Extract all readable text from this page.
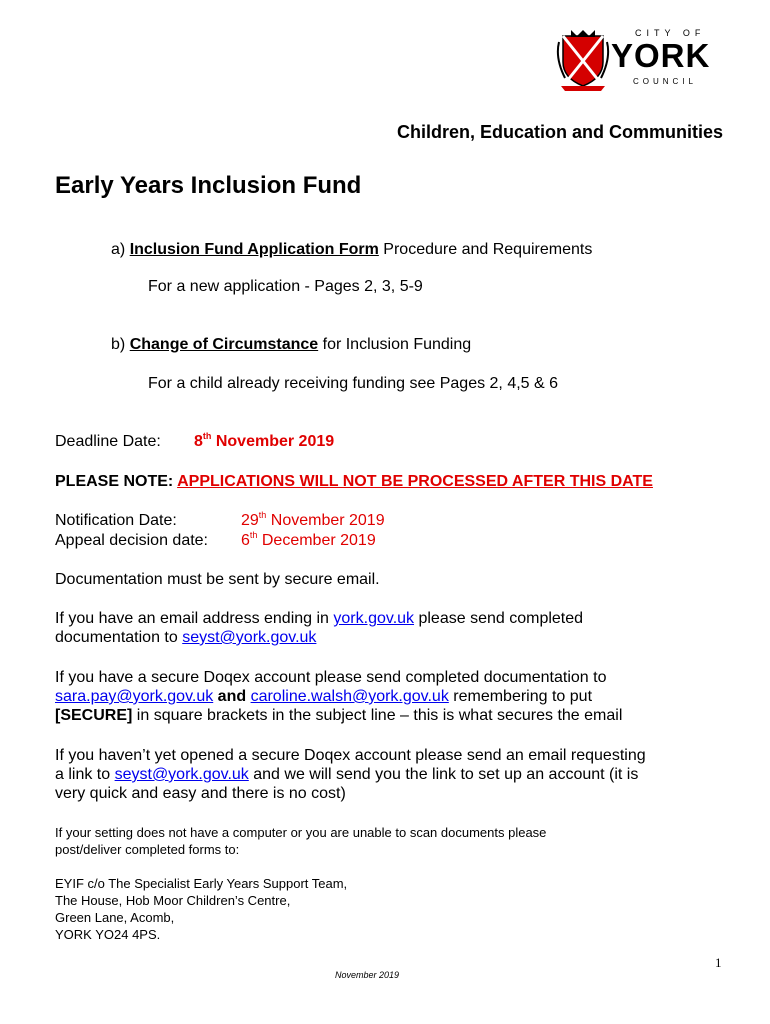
CITY OF
YORK
COUNCIL
Children, Education and Communities
Early Years Inclusion Fund
a) Inclusion Fund Application Form Procedure and Requirements
For a new application - Pages 2, 3, 5-9
b) Change of Circumstance for Inclusion Funding
For a child already receiving funding see Pages 2, 4,5 & 6
Deadline Date: 8th November 2019
PLEASE NOTE: APPLICATIONS WILL NOT BE PROCESSED AFTER THIS DATE
Notification Date:	29th November 2019
Appeal decision date: 6th December 2019
Documentation must be sent by secure email.
If you have an email address ending in york.gov.uk please send completed
documentation to seyst@york.gov.uk
If you have a secure Doqex account please send completed documentation to
sara.pay@york.gov.uk and caroline.walsh@york.gov.uk remembering to put
[SECURE] in square brackets in the subject line – this is what secures the email
If you haven’t yet opened a secure Doqex account please send an email requesting
a link to seyst@york.gov.uk and we will send you the link to set up an account (it is
very quick and easy and there is no cost)
If your setting does not have a computer or you are unable to scan documents please
post/deliver completed forms to:
EYIF c/o The Specialist Early Years Support Team,
The House, Hob Moor Children’s Centre,
Green Lane, Acomb,
YORK YO24 4PS.
1
November 2019
